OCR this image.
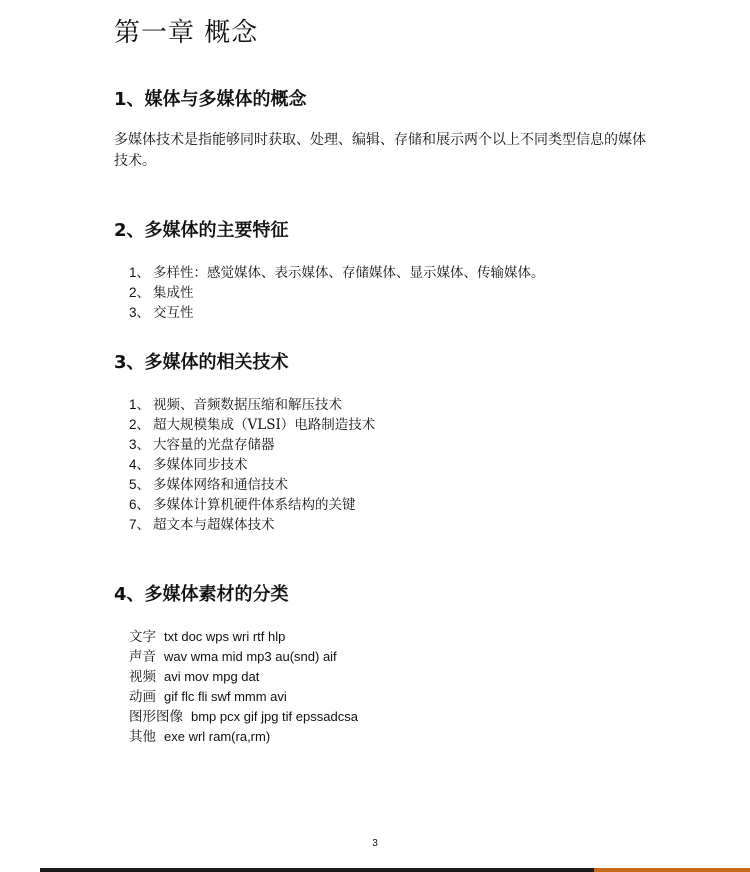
第一章 概念
1、媒体与多媒体的概念

多媒体技术是指能够同时获取、处理、编辑、存储和展示两个以上不同类型信息的媒体技术。

2、多媒体的主要特征
1、 多样性：感觉媒体、表示媒体、存储媒体、显示媒体、传输媒体。
2、 集成性
3、 交互性
3、多媒体的相关技术
1、 视频、音频数据压缩和解压技术
2、 超大规模集成（VLSI）电路制造技术
3、 大容量的光盘存储器
4、 多媒体同步技术
5、 多媒体网络和通信技术
6、 多媒体计算机硬件体系结构的关键
7、 超文本与超媒体技术
4、多媒体素材的分类
文字 txt doc wps wri rtf hlp
声音 wav wma mid mp3 au(snd) aif
视频 avi mov mpg dat
动画 gif flc fli swf mmm avi
图形图像 bmp pcx gif jpg tif epssadcsa
其他 exe wrl ram(ra,rm)
3
